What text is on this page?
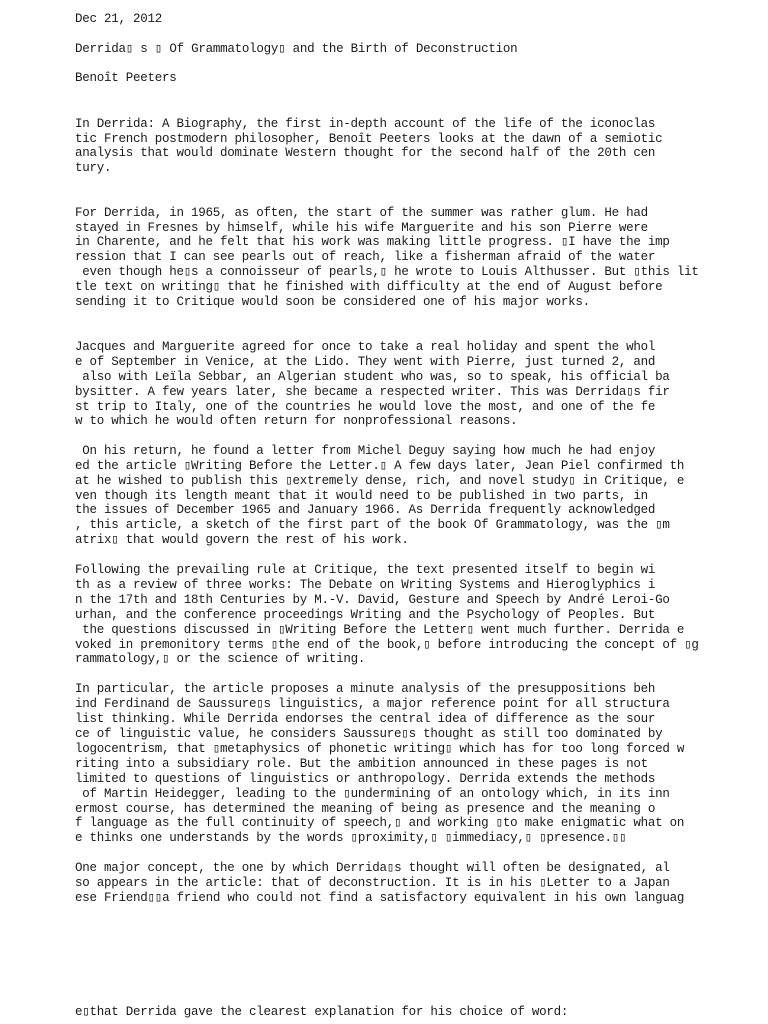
Dec 21, 2012

Derrida▯ s ▯ Of Grammatology▯ and the Birth of Deconstruction

Benoît Peeters

In Derrida: A Biography, the first in-depth account of the life of the iconoclas

tic French postmodern philosopher, Benoît Peeters looks at the dawn of a semiotic

analysis that would dominate Western thought for the second half of the 20th cen

tury.

For Derrida, in 1965, as often, the start of the summer was rather glum. He had

stayed in Fresnes by himself, while his wife Marguerite and his son Pierre were

in Charente, and he felt that his work was making little progress. ▯I have the imp

ression that I can see pearls out of reach, like a fisherman afraid of the water

even though he▯s a connoisseur of pearls,▯ he wrote to Louis Althusser. But ▯this lit

tle text on writing▯ that he finished with difficulty at the end of August before

sending it to Critique would soon be considered one of his major works.

Jacques and Marguerite agreed for once to take a real holiday and spent the whol

e of September in Venice, at the Lido. They went with Pierre, just turned 2, and

also with Leïla Sebbar, an Algerian student who was, so to speak, his official ba

bysitter. A few years later, she became a respected writer. This was Derrida▯s fir

st trip to Italy, one of the countries he would love the most, and one of the fe

w to which he would often return for nonprofessional reasons.

On his return, he found a letter from Michel Deguy saying how much he had enjoy

ed the article ▯Writing Before the Letter.▯ A few days later, Jean Piel confirmed th

at he wished to publish this ▯extremely dense, rich, and novel study▯ in Critique, e

ven though its length meant that it would need to be published in two parts, in

the issues of December 1965 and January 1966. As Derrida frequently acknowledged

, this article, a sketch of the first part of the book Of Grammatology, was the ▯m

atrix▯ that would govern the rest of his work.

Following the prevailing rule at Critique, the text presented itself to begin wi

th as a review of three works: The Debate on Writing Systems and Hieroglyphics i

n the 17th and 18th Centuries by M.-V. David, Gesture and Speech by André Leroi-Go

urhan, and the conference proceedings Writing and the Psychology of Peoples. But

the questions discussed in ▯Writing Before the Letter▯ went much further. Derrida e

voked in premonitory terms ▯the end of the book,▯ before introducing the concept of ▯g

rammatology,▯ or the science of writing.

In particular, the article proposes a minute analysis of the presuppositions beh

ind Ferdinand de Saussure▯s linguistics, a major reference point for all structura

list thinking. While Derrida endorses the central idea of difference as the sour

ce of linguistic value, he considers Saussure▯s thought as still too dominated by

logocentrism, that ▯metaphysics of phonetic writing▯ which has for too long forced w

riting into a subsidiary role. But the ambition announced in these pages is not

limited to questions of linguistics or anthropology. Derrida extends the methods

of Martin Heidegger, leading to the ▯undermining of an ontology which, in its inn

ermost course, has determined the meaning of being as presence and the meaning o

f language as the full continuity of speech,▯ and working ▯to make enigmatic what on

e thinks one understands by the words ▯proximity,▯ ▯immediacy,▯ ▯presence.▯▯

One major concept, the one by which Derrida▯s thought will often be designated, al

so appears in the article: that of deconstruction. It is in his ▯Letter to a Japan

ese Friend▯▯a friend who could not find a satisfactory equivalent in his own languag

e▯that Derrida gave the clearest explanation for his choice of word:
